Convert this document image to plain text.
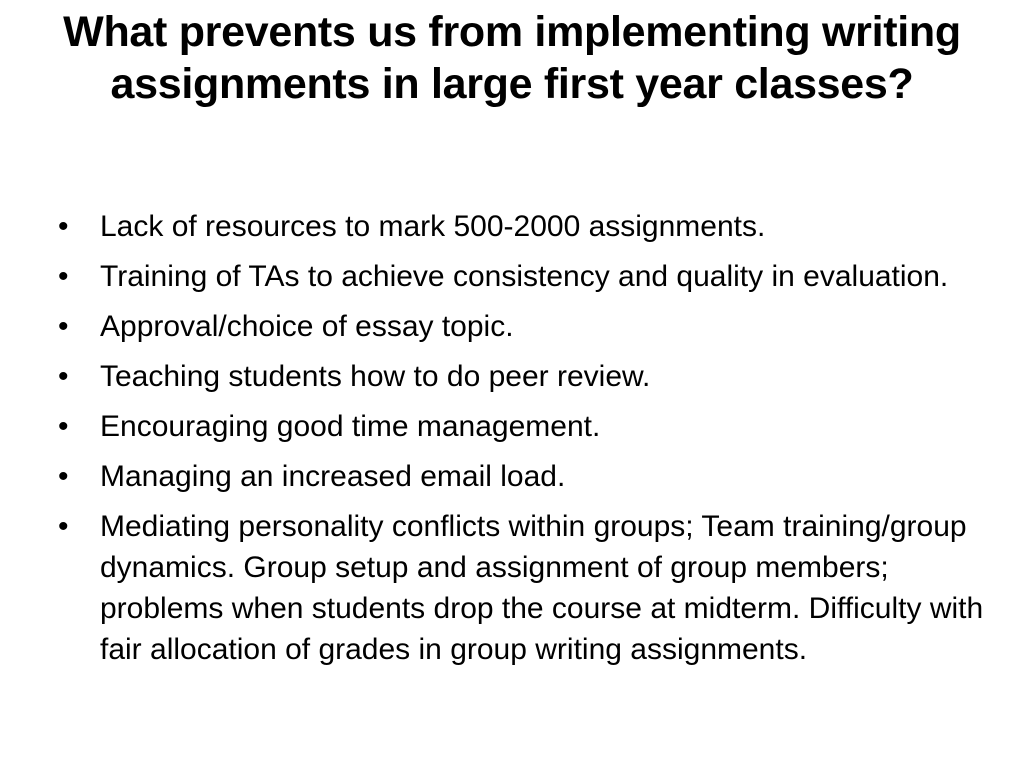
What prevents us from implementing writing assignments in large first year classes?
• Lack of resources to mark 500-2000 assignments.
• Training of TAs to achieve consistency and quality in evaluation.
• Approval/choice of essay topic.
• Teaching students how to do peer review.
• Encouraging good time management.
• Managing an increased email load.
• Mediating personality conflicts within groups; Team training/group dynamics. Group setup and assignment of group members; problems when students drop the course at midterm. Difficulty with fair allocation of grades in group writing assignments.
